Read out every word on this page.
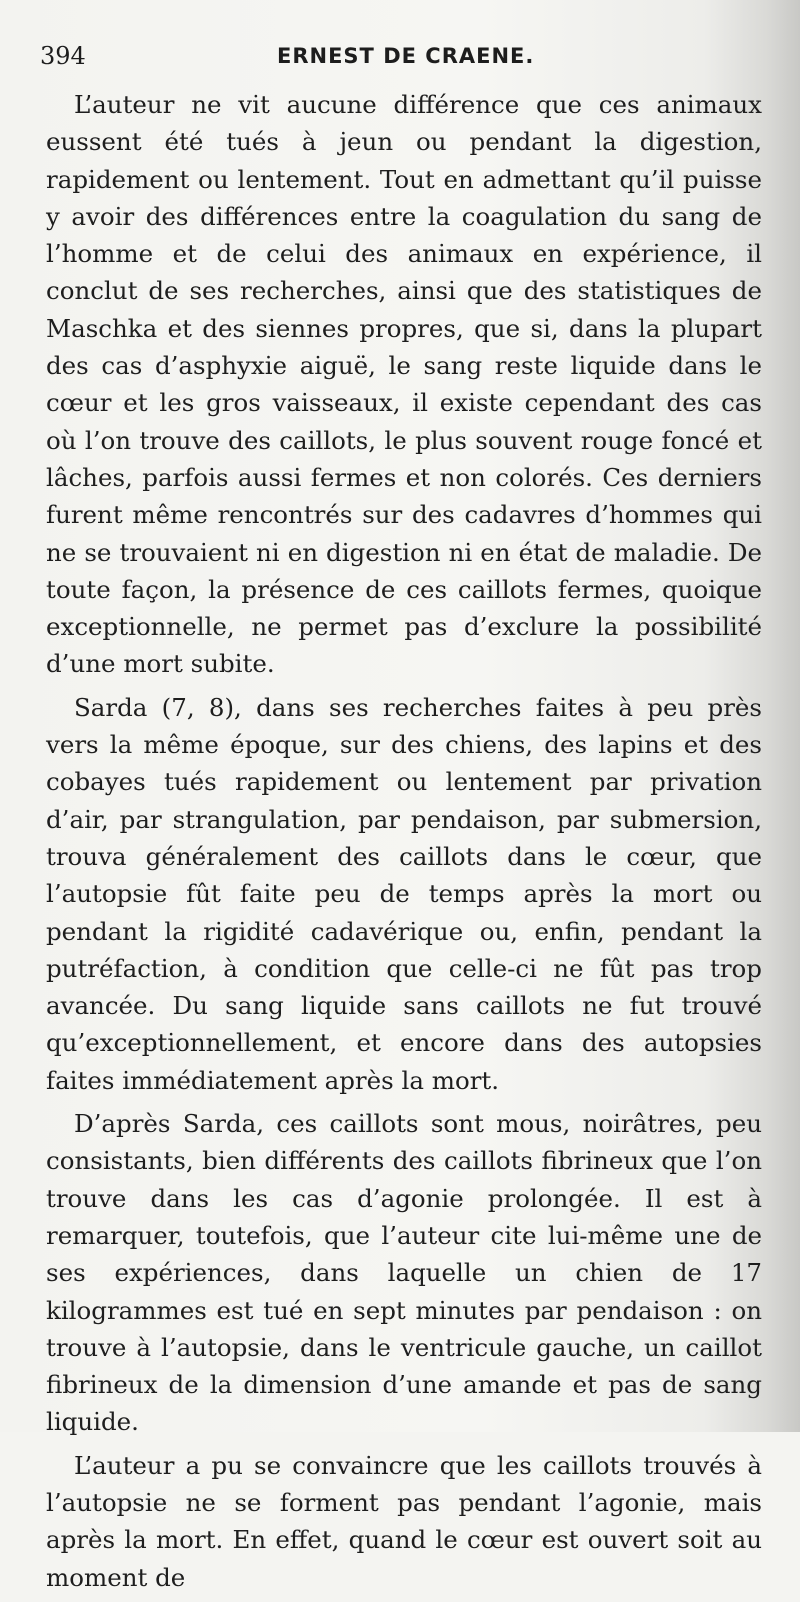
394	ERNEST DE CRAENE.

L’auteur ne vit aucune différence que ces animaux eussent été tués à jeun ou pendant la digestion, rapidement ou lentement. Tout en admettant qu’il puisse y avoir des différences entre la coagulation du sang de l’homme et de celui des animaux en expérience, il conclut de ses recherches, ainsi que des statistiques de Maschka et des siennes propres, que si, dans la plupart des cas d’asphyxie aiguë, le sang reste liquide dans le cœur et les gros vaisseaux, il existe cependant des cas où l’on trouve des caillots, le plus souvent rouge foncé et lâches, parfois aussi fermes et non colorés. Ces derniers furent même rencontrés sur des cadavres d’hommes qui ne se trouvaient ni en digestion ni en état de maladie. De toute façon, la présence de ces caillots fermes, quoique exceptionnelle, ne permet pas d’exclure la possibilité d’une mort subite.

Sarda (7, 8), dans ses recherches faites à peu près vers la même époque, sur des chiens, des lapins et des cobayes tués rapidement ou lentement par privation d’air, par strangulation, par pendaison, par submersion, trouva généralement des caillots dans le cœur, que l’autopsie fût faite peu de temps après la mort ou pendant la rigidité cadavérique ou, enfin, pendant la putréfaction, à condition que celle-ci ne fût pas trop avancée. Du sang liquide sans caillots ne fut trouvé qu’exceptionnellement, et encore dans des autopsies faites immédiatement après la mort.

D’après Sarda, ces caillots sont mous, noirâtres, peu consistants, bien différents des caillots fibrineux que l’on trouve dans les cas d’agonie prolongée. Il est à remarquer, toutefois, que l’auteur cite lui-même une de ses expériences, dans laquelle un chien de 17 kilogrammes est tué en sept minutes par pendaison : on trouve à l’autopsie, dans le ventricule gauche, un caillot fibrineux de la dimension d’une amande et pas de sang liquide.

L’auteur a pu se convaincre que les caillots trouvés à l’autopsie ne se forment pas pendant l’agonie, mais après la mort. En effet, quand le cœur est ouvert soit au moment de
